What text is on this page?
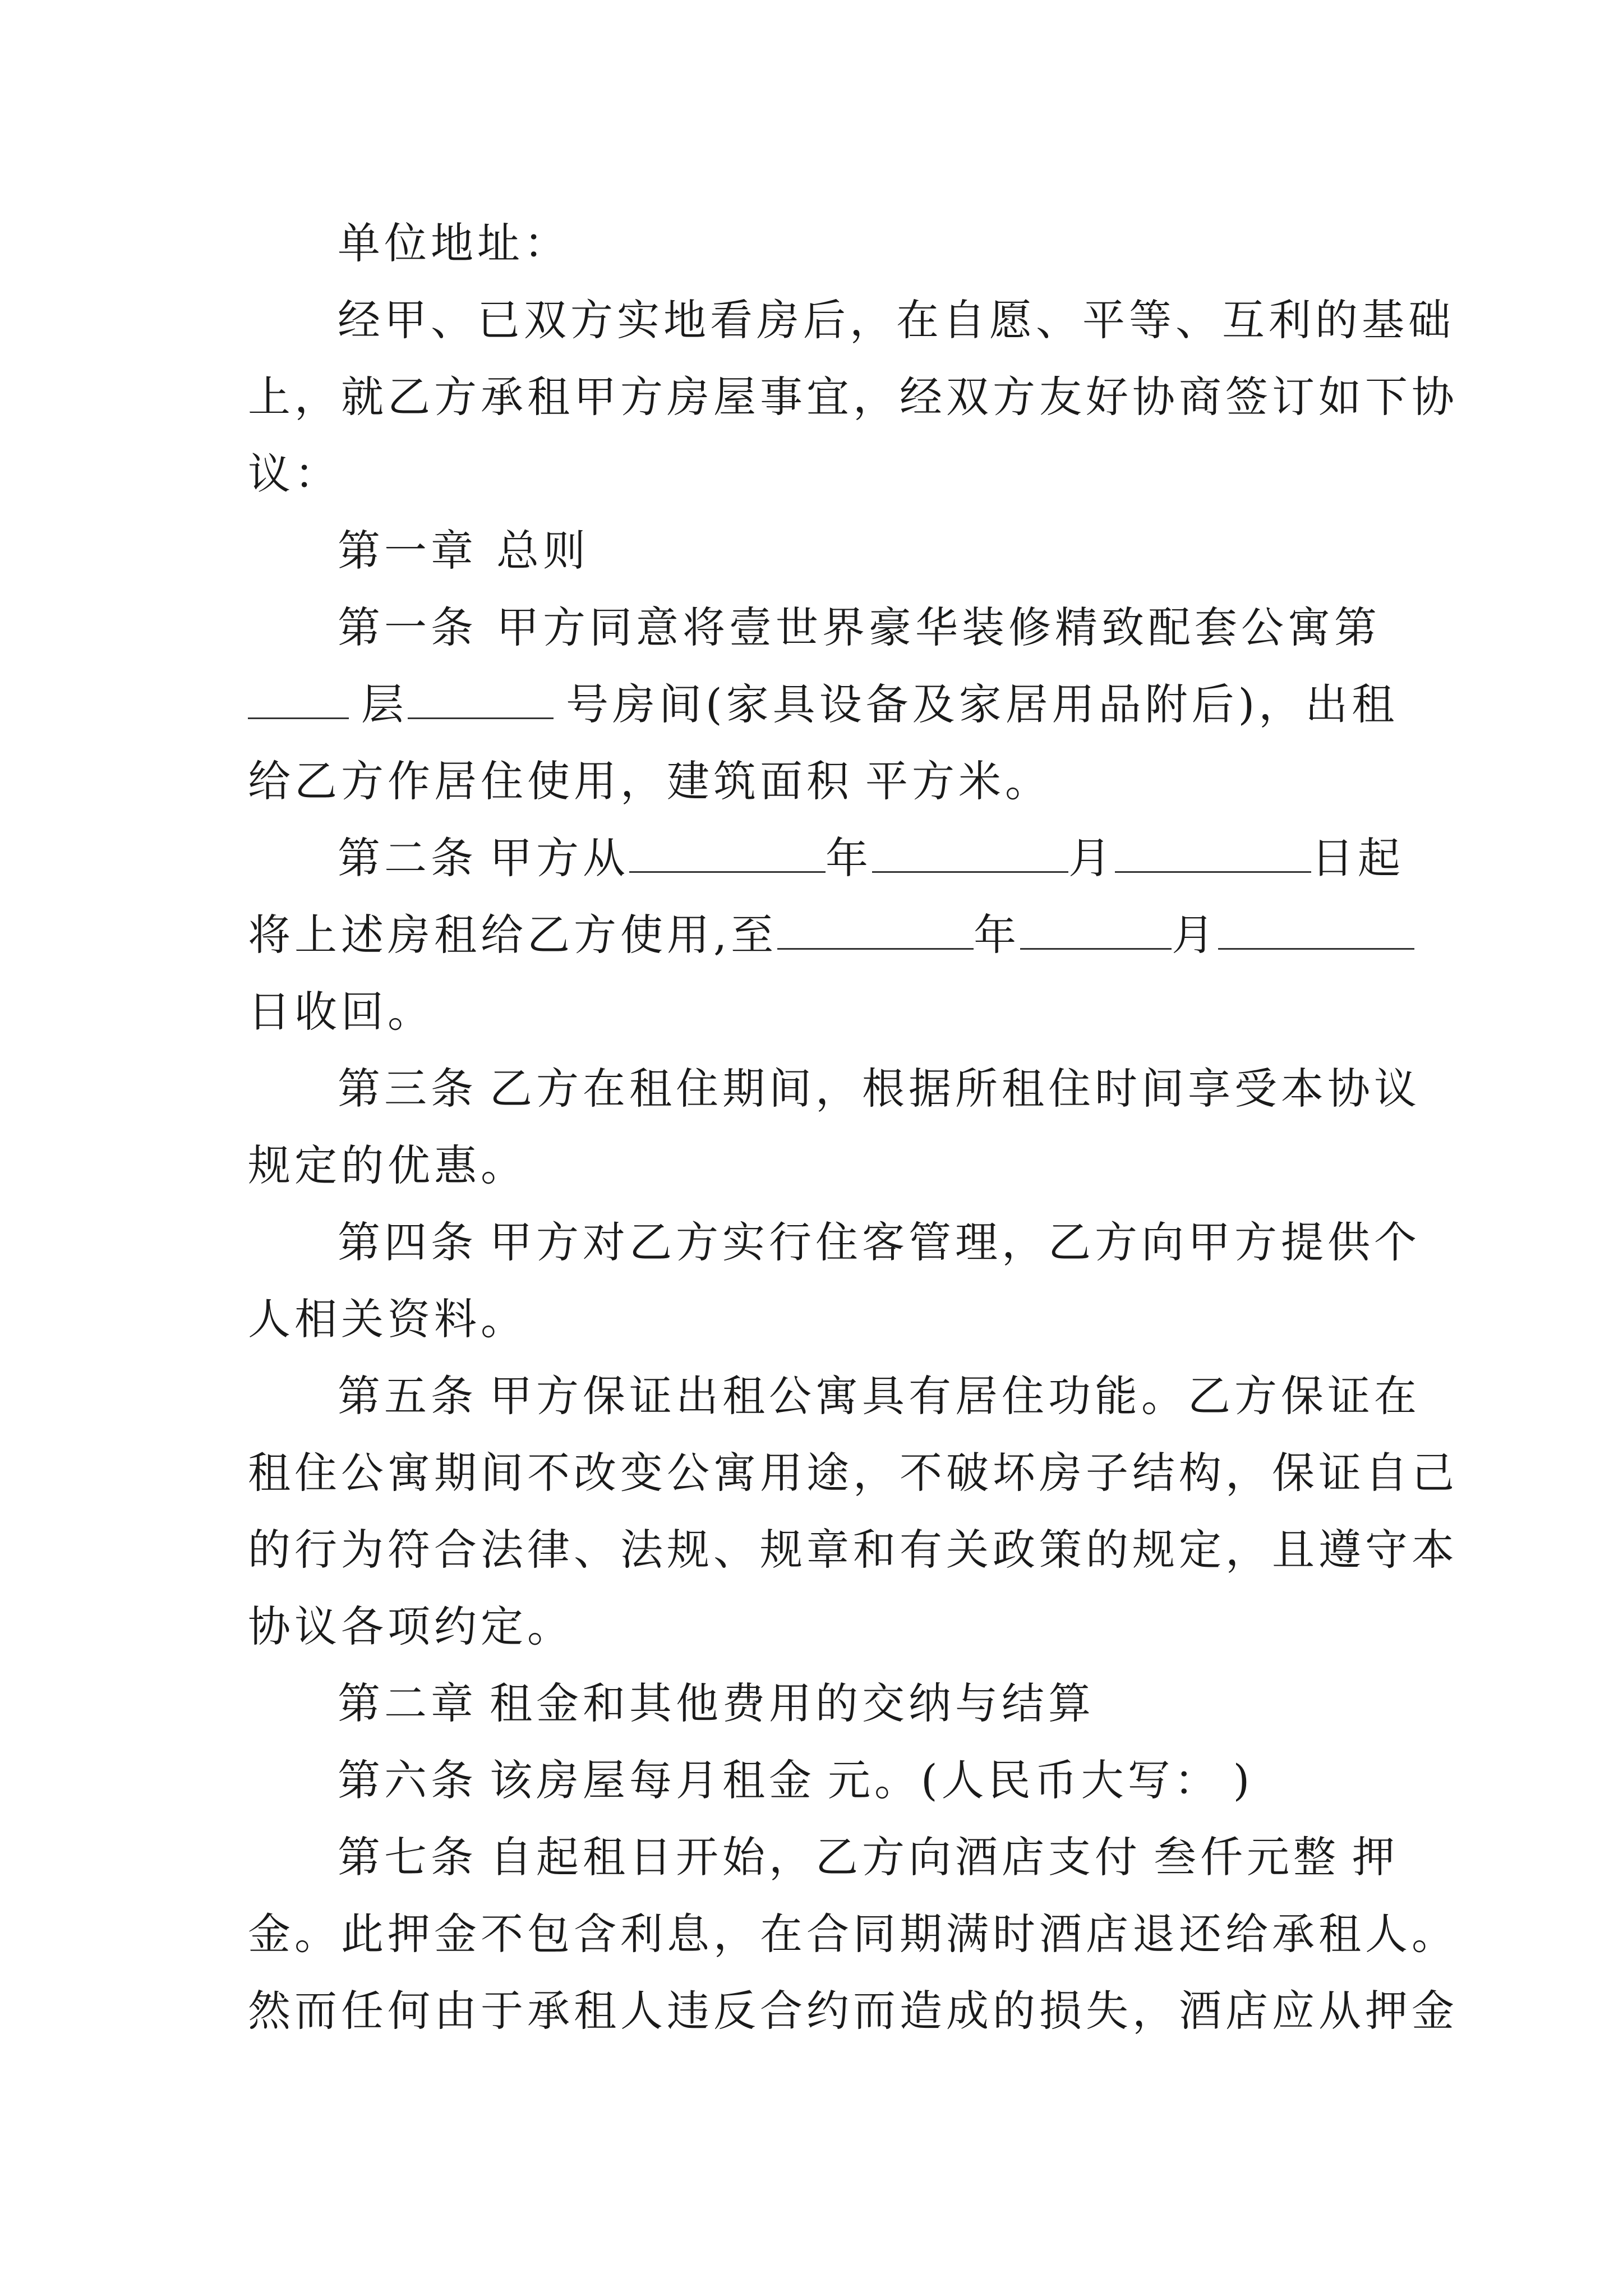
单位地址：
经甲、已双方实地看房后，在自愿、平等、互利的基础
上，就乙方承租甲方房屋事宜，经双方友好协商签订如下协
议：
第一章 总则
第一条 甲方同意将壹世界豪华装修精致配套公寓第
层	号房间(家具设备及家居用品附后)，出租
给乙方作居住使用，建筑面积 平方米。
第二条 甲方从	年	月	日起
将上述房租给乙方使用,至	年	月
日收回。
第三条 乙方在租住期间，根据所租住时间享受本协议
规定的优惠。
第四条 甲方对乙方实行住客管理，乙方向甲方提供个
人相关资料。
第五条 甲方保证出租公寓具有居住功能。乙方保证在
租住公寓期间不改变公寓用途，不破坏房子结构，保证自己
的行为符合法律、法规、规章和有关政策的规定，且遵守本
协议各项约定。
第二章 租金和其他费用的交纳与结算
第六条 该房屋每月租金 元。(人民币大写： )
第七条 自起租日开始，乙方向酒店支付 叁仟元整 押
金。此押金不包含利息，在合同期满时酒店退还给承租人。
然而任何由于承租人违反合约而造成的损失，酒店应从押金
